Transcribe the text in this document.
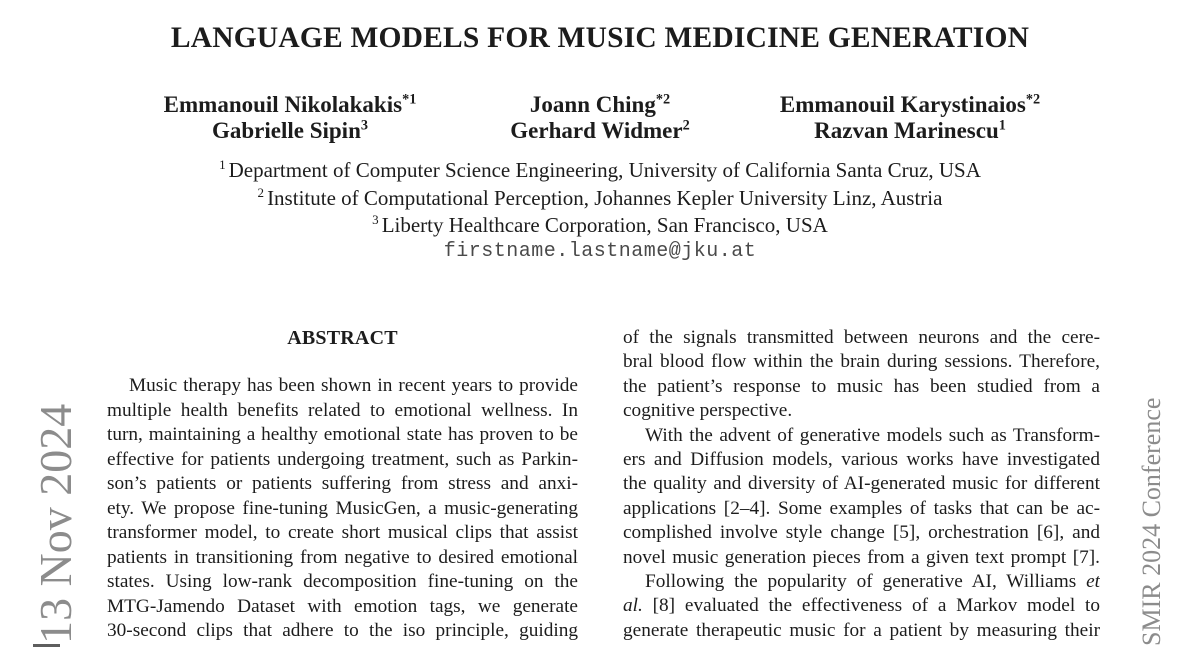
LANGUAGE MODELS FOR MUSIC MEDICINE GENERATION
Emmanouil Nikolakakis$^{*1}$	Joann Ching$^{*2}$	Emmanouil Karystinaios$^{*2}$
Gabrielle Sipin$^3$	Gerhard Widmer$^2$	Razvan Marinescu$^1$
$^1$ Department of Computer Science Engineering, University of California Santa Cruz, USA
$^2$ Institute of Computational Perception, Johannes Kepler University Linz, Austria
$^3$ Liberty Healthcare Corporation, San Francisco, USA
firstname.lastname@jku.at
ABSTRACT
Music therapy has been shown in recent years to provide
multiple health benefits related to emotional wellness. In
turn, maintaining a healthy emotional state has proven to be
effective for patients undergoing treatment, such as Parkin-
son’s patients or patients suffering from stress and anxi-
ety. We propose fine-tuning MusicGen, a music-generating
transformer model, to create short musical clips that assist
patients in transitioning from negative to desired emotional
states. Using low-rank decomposition fine-tuning on the
MTG-Jamendo Dataset with emotion tags, we generate
30-second clips that adhere to the iso principle, guiding
of the signals transmitted between neurons and the cere-
bral blood flow within the brain during sessions. Therefore,
the patient’s response to music has been studied from a
cognitive perspective.
With the advent of generative models such as Transform-
ers and Diffusion models, various works have investigated
the quality and diversity of AI-generated music for different
applications [2–4]. Some examples of tasks that can be ac-
complished involve style change [5], orchestration [6], and
novel music generation pieces from a given text prompt [7].
Following the popularity of generative AI, Williams et
al. [8] evaluated the effectiveness of a Markov model to
generate therapeutic music for a patient by measuring their
13 Nov 2024	SMIR 2024 Conference
